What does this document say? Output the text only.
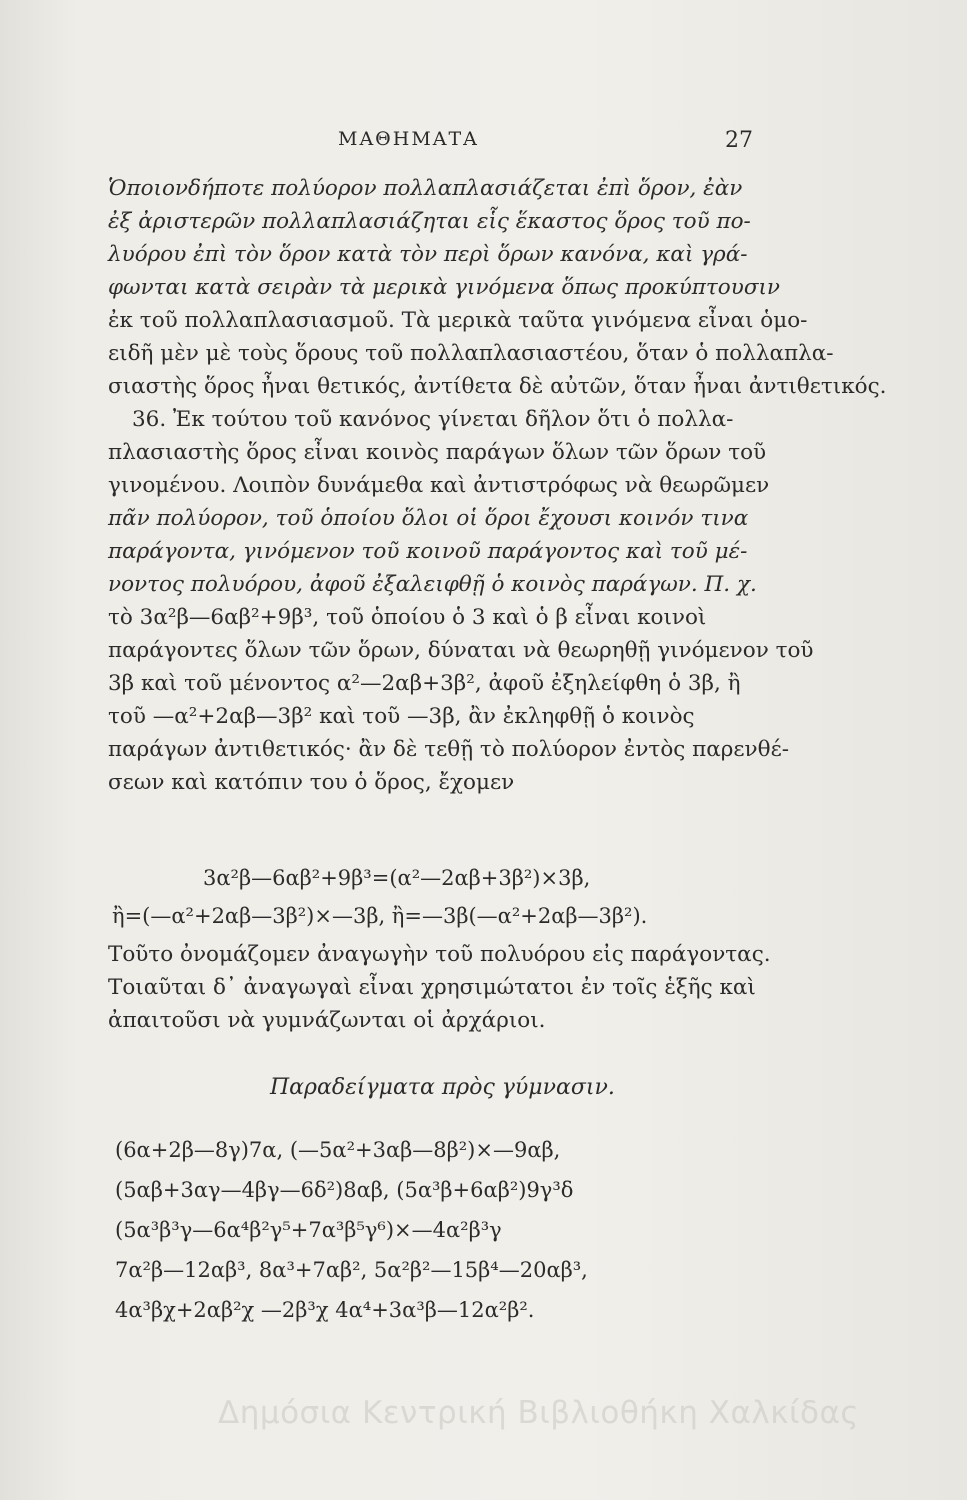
ΜΑΘΗΜΑΤΑ	27
Ὁποιονδήποτε πολύορον πολλαπλασιάζεται ἐπὶ ὅρον, ἐὰν
ἐξ ἀριστερῶν πολλαπλασιάζηται εἷς ἕκαστος ὅρος τοῦ πο-
λυόρου ἐπὶ τὸν ὅρον κατὰ τὸν περὶ ὅρων κανόνα, καὶ γρά-
φωνται κατὰ σειρὰν τὰ μερικὰ γινόμενα ὅπως προκύπτουσιν
ἐκ τοῦ πολλαπλασιασμοῦ. Τὰ μερικὰ ταῦτα γινόμενα εἶναι ὁμο-
ειδῆ μὲν μὲ τοὺς ὅρους τοῦ πολλαπλασιαστέου, ὅταν ὁ πολλαπλα-
σιαστὴς ὅρος ἦναι θετικός, ἀντίθετα δὲ αὐτῶν, ὅταν ἦναι ἀντιθετικός.
36. Ἐκ τούτου τοῦ κανόνος γίνεται δῆλον ὅτι ὁ πολλα-
πλασιαστὴς ὅρος εἶναι κοινὸς παράγων ὅλων τῶν ὅρων τοῦ
γινομένου. Λοιπὸν δυνάμεθα καὶ ἀντιστρόφως νὰ θεωρῶμεν
πᾶν πολύορον, τοῦ ὁποίου ὅλοι οἱ ὅροι ἔχουσι κοινόν τινα
παράγοντα, γινόμενον τοῦ κοινοῦ παράγοντος καὶ τοῦ μέ-
νοντος πολυόρου, ἀφοῦ ἐξαλειφθῇ ὁ κοινὸς παράγων. Π. χ.
τὸ 3α²β—6αβ²+9β³, τοῦ ὁποίου ὁ 3 καὶ ὁ β εἶναι κοινοὶ
παράγοντες ὅλων τῶν ὅρων, δύναται νὰ θεωρηθῇ γινόμενον τοῦ
3β καὶ τοῦ μένοντος α²—2αβ+3β², ἀφοῦ ἐξηλείφθη ὁ 3β, ἢ
τοῦ —α²+2αβ—3β² καὶ τοῦ —3β, ἂν ἐκληφθῇ ὁ κοινὸς
παράγων ἀντιθετικός· ἂν δὲ τεθῇ τὸ πολύορον ἐντὸς παρενθέ-
σεων καὶ κατόπιν του ὁ ὅρος, ἔχομεν
3α²β—6αβ²+9β³=(α²—2αβ+3β²)×3β,
ἢ=(—α²+2αβ—3β²)×—3β, ἢ=—3β(—α²+2αβ—3β²).
Τοῦτο ὀνομάζομεν ἀναγωγὴν τοῦ πολυόρου εἰς παράγοντας.
Τοιαῦται δ᾽ ἀναγωγαὶ εἶναι χρησιμώτατοι ἐν τοῖς ἑξῆς καὶ
ἀπαιτοῦσι νὰ γυμνάζωνται οἱ ἀρχάριοι.
Παραδείγματα πρὸς γύμνασιν.
(6α+2β—8γ)7α, (—5α²+3αβ—8β²)×—9αβ,
(5αβ+3αγ—4βγ—6δ²)8αβ, (5α³β+6αβ²)9γ³δ
(5α³β³γ—6α⁴β²γ⁵+7α³β⁵γ⁶)×—4α²β³γ
7α²β—12αβ³, 8α³+7αβ², 5α²β²—15β⁴—20αβ³,
4α³βχ+2αβ²χ —2β³χ 4α⁴+3α³β—12α²β².
Δημόσια Κεντρική Βιβλιοθήκη Χαλκίδας
